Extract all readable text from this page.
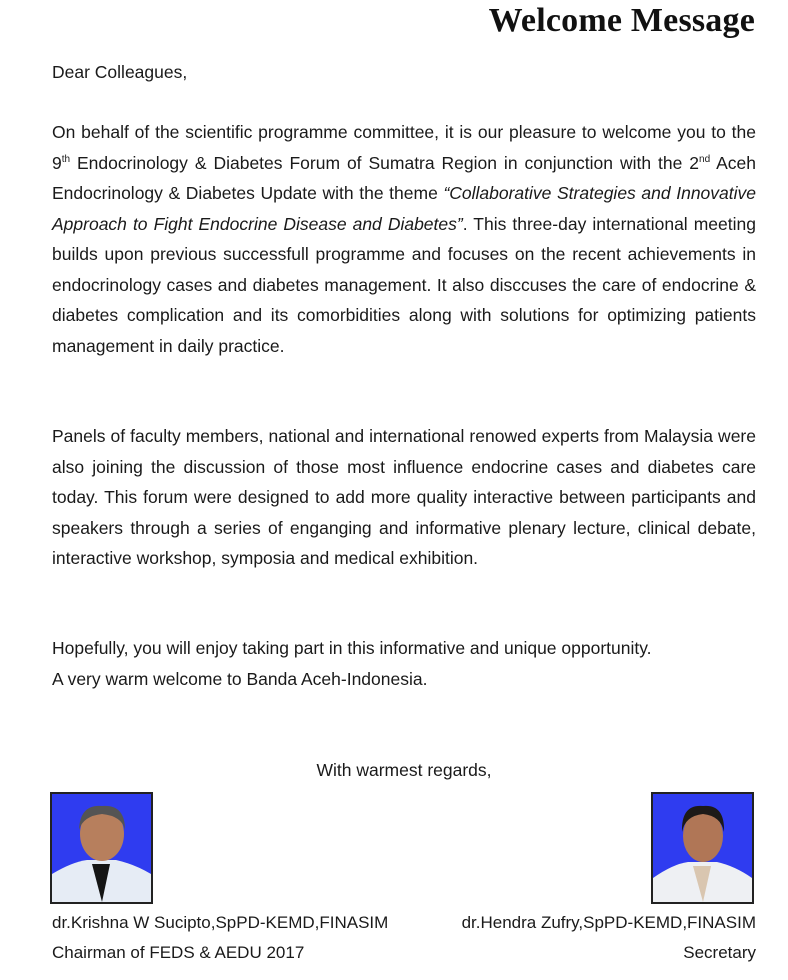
Welcome Message
Dear Colleagues,

On behalf of the scientific programme committee, it is our pleasure to welcome you to the 9th Endocrinology & Diabetes Forum of Sumatra Region in conjunction with the 2nd Aceh Endocrinology & Diabetes Update with the theme “Collaborative Strategies and Innovative Approach to Fight Endocrine Disease and Diabetes”. This three-day international meeting builds upon previous successfull programme and focuses on the recent achievements in endocrinology cases and diabetes management. It also disccuses the care of endocrine & diabetes complication and its comorbidities along with solutions for optimizing patients management in daily practice.

Panels of faculty members, national and international renowed experts from Malaysia were also joining the discussion of those most influence endocrine cases and diabetes care today. This forum were designed to add more quality interactive between participants and speakers through a series of enganging and informative plenary lecture, clinical debate, interactive workshop, symposia and medical exhibition.

Hopefully, you will enjoy taking part in this informative and unique opportunity.
A very warm welcome to Banda Aceh-Indonesia.
With warmest regards,
dr.Krishna W Sucipto,SpPD-KEMD,FINASIM
Chairman of FEDS & AEDU 2017
dr.Hendra Zufry,SpPD-KEMD,FINASIM
Secretary
